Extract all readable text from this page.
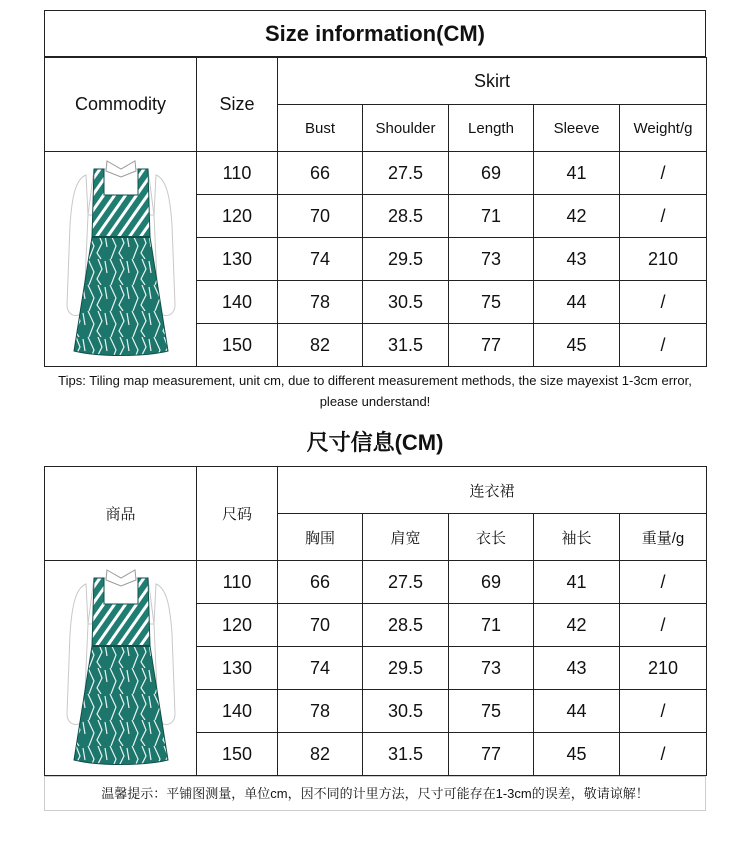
Size information(CM)
Commodity	Size	Skirt				
		Bust	Shoulder	Length	Sleeve	Weight/g

	110	66	27.5	69	41	/
	120	70	28.5	71	42	/
	130	74	29.5	73	43	210
	140	78	30.5	75	44	/
	150	82	31.5	77	45	/
Tips: Tiling map measurement, unit cm, due to different measurement methods, the size mayexist 1-3cm error, please understand!
尺寸信息(CM)
商品	尺码	连衣裙				
		胸围	肩宽	衣长	袖长	重量/g

	110	66	27.5	69	41	/
	120	70	28.5	71	42	/
	130	74	29.5	73	43	210
	140	78	30.5	75	44	/
	150	82	31.5	77	45	/
温馨提示：平铺图测量，单位cm，因不同的计里方法，尺寸可能存在1-3cm的误差，敬请谅解！
